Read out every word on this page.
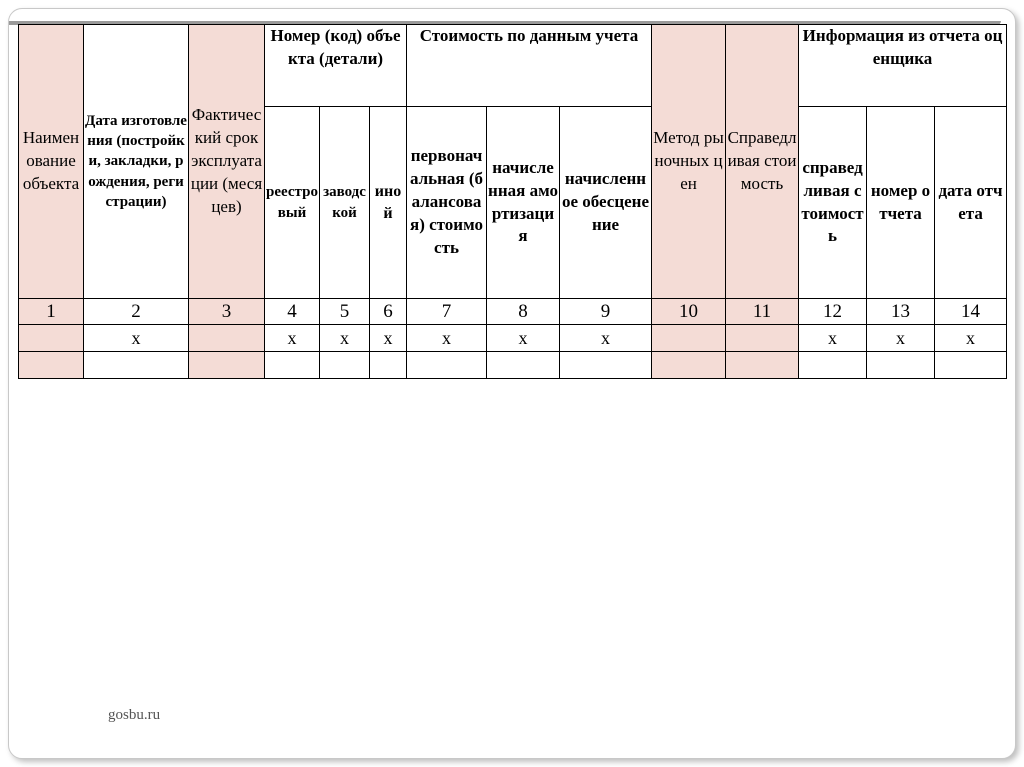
Наименование объекта	Дата изготовления (постройки, закладки, рождения, регистрации)	Фактический срок эксплуатации (месяцев)	Номер (код) объекта (детали)			Стоимость по данным учета			Метод рыночных цен	Справедливая стоимость	Информация из отчета оценщика		
			реестровый	заводской	иной	первоначальная (балансовая) стоимость	начисленная амортизация	начисленное обесценение			справедливая стоимость	номер отчета	дата отчета
1	2	3	4	5	6	7	8	9	10	11	12	13	14
	x		x	x	x	x	x	x			x	x	x

gosbu.ru
